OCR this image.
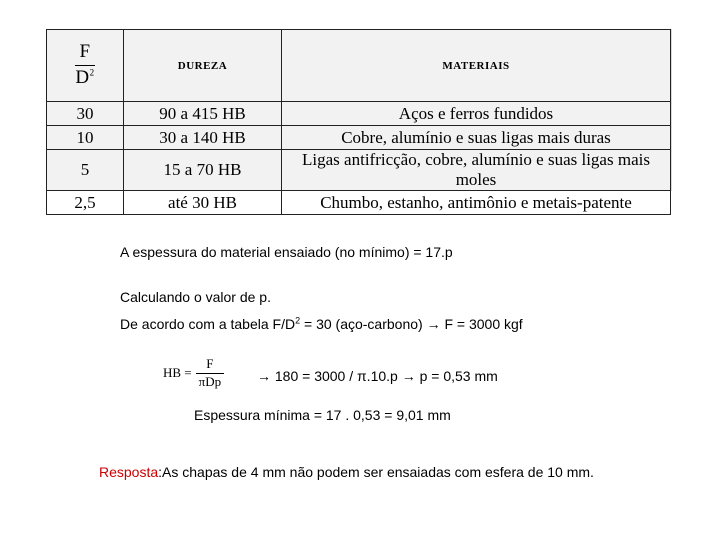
$\frac{F}{D^2}$	DUREZA	MATERIAIS
30	90 a 415 HB	Aços e ferros fundidos
10	30 a 140 HB	Cobre, alumínio e suas ligas mais duras
5	15 a 70 HB	Ligas antifricção, cobre, alumínio e suas ligas mais moles
2,5	até 30 HB	Chumbo, estanho, antimônio e metais-patente
A espessura do material ensaiado (no mínimo) = 17.p
Calculando o valor de p.
De acordo com a tabela $F/D^2 = 30$ (aço-carbono) → F = 3000 kgf
HB = $\frac{F}{\text{πDp}} \to 180 = 3000 / \pi.10.p \to p = 0,53$ mm
Espessura mínima = 17 . 0,53 = 9,01 mm
Resposta:As chapas de 4 mm não podem ser ensaiadas com esfera de 10 mm.
